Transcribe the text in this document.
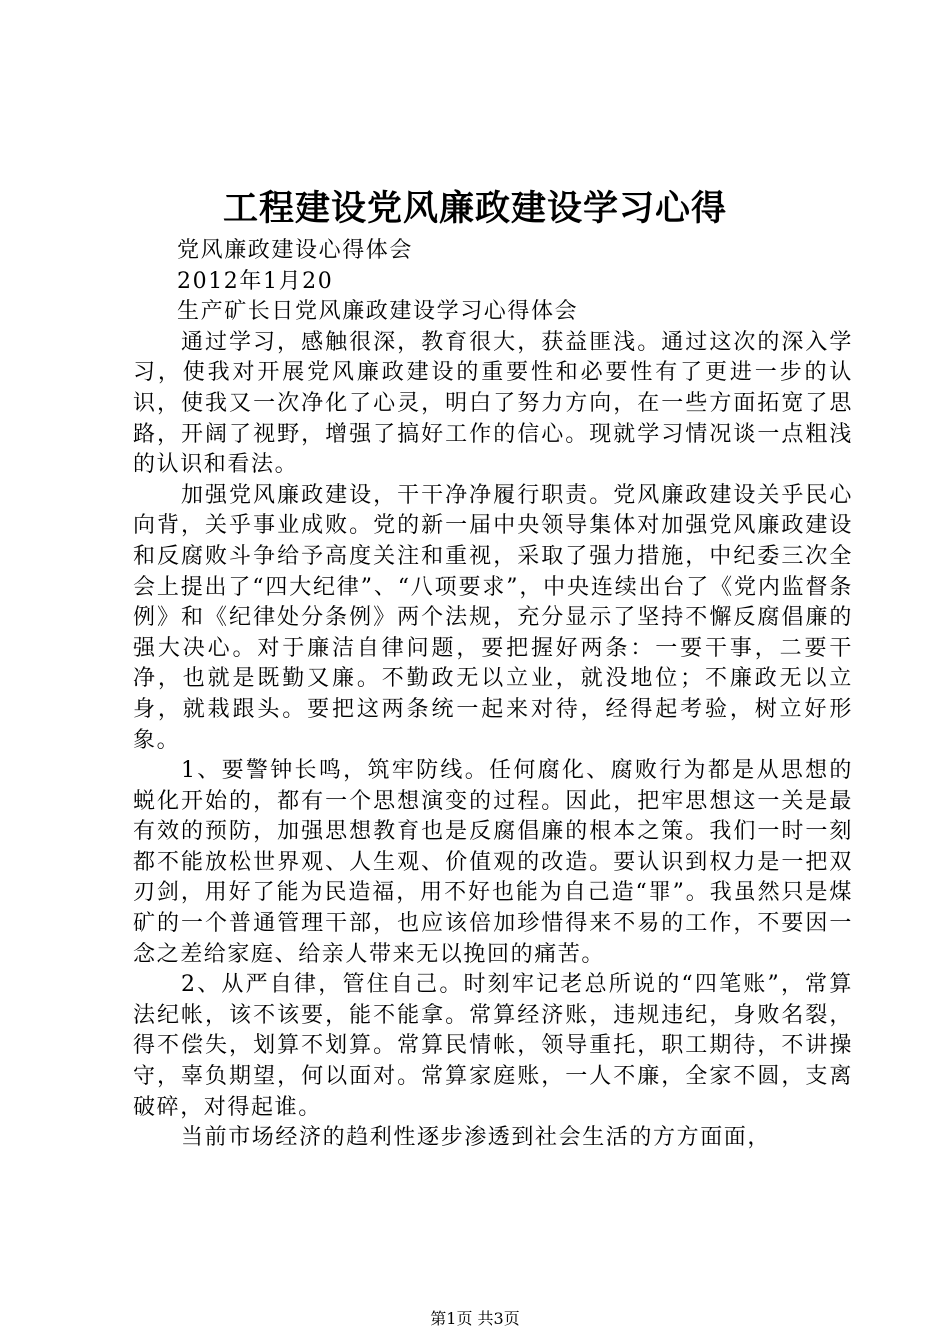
工程建设党风廉政建设学习心得

党风廉政建设心得体会

2012年1月20

生产矿长日党风廉政建设学习心得体会

通过学习，感触很深，教育很大，获益匪浅。通过这次的深入学习，使我对开展党风廉政建设的重要性和必要性有了更进一步的认识，使我又一次净化了心灵，明白了努力方向，在一些方面拓宽了思路，开阔了视野，增强了搞好工作的信心。现就学习情况谈一点粗浅的认识和看法。

加强党风廉政建设，干干净净履行职责。党风廉政建设关乎民心向背，关乎事业成败。党的新一届中央领导集体对加强党风廉政建设和反腐败斗争给予高度关注和重视，采取了强力措施，中纪委三次全会上提出了“四大纪律”、“八项要求”，中央连续出台了《党内监督条例》和《纪律处分条例》两个法规，充分显示了坚持不懈反腐倡廉的强大决心。对于廉洁自律问题，要把握好两条：一要干事，二要干净，也就是既勤又廉。不勤政无以立业，就没地位；不廉政无以立身，就栽跟头。要把这两条统一起来对待，经得起考验，树立好形象。

1、要警钟长鸣，筑牢防线。任何腐化、腐败行为都是从思想的蜕化开始的，都有一个思想演变的过程。因此，把牢思想这一关是最有效的预防，加强思想教育也是反腐倡廉的根本之策。我们一时一刻都不能放松世界观、人生观、价值观的改造。要认识到权力是一把双刃剑，用好了能为民造福，用不好也能为自己造“罪”。我虽然只是煤矿的一个普通管理干部，也应该倍加珍惜得来不易的工作，不要因一念之差给家庭、给亲人带来无以挽回的痛苦。

2、从严自律，管住自己。时刻牢记老总所说的“四笔账”，常算法纪帐，该不该要，能不能拿。常算经济账，违规违纪，身败名裂，得不偿失，划算不划算。常算民情帐，领导重托，职工期待，不讲操守，辜负期望，何以面对。常算家庭账，一人不廉，全家不圆，支离破碎，对得起谁。

当前市场经济的趋利性逐步渗透到社会生活的方方面面，

第1页 共3页
